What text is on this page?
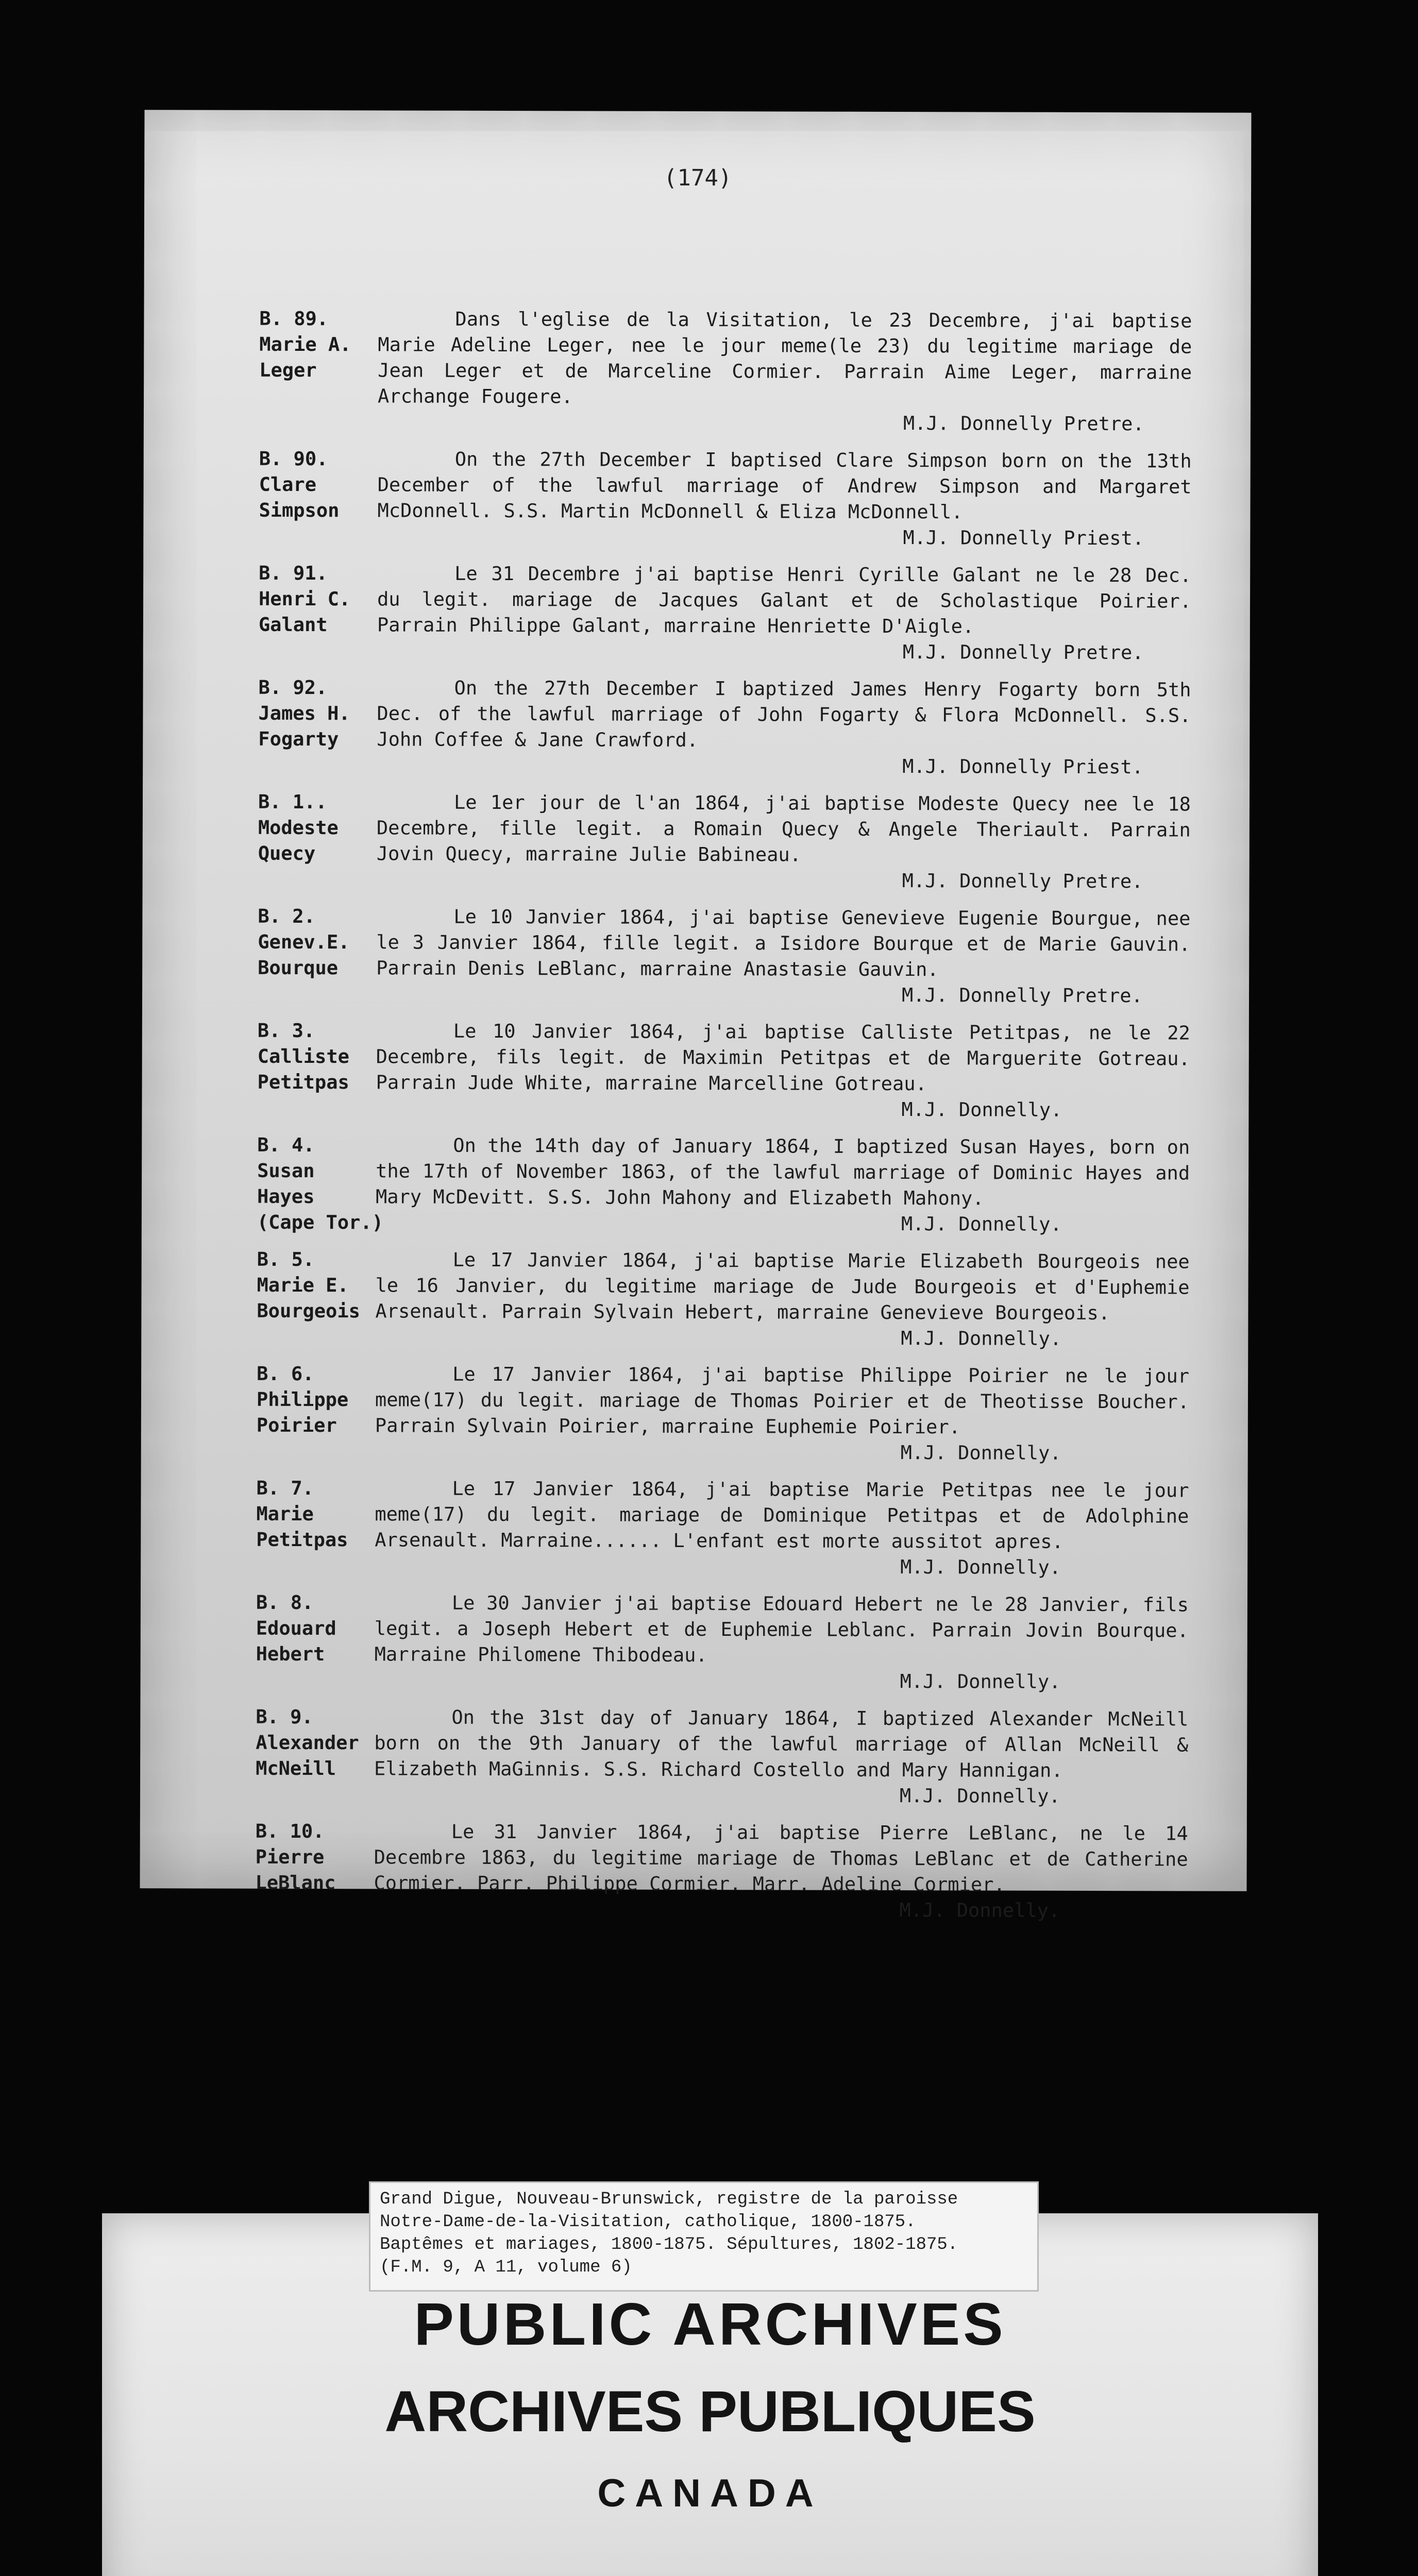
(174)
B. 89.
Marie A.
Leger
Dans l'eglise de la Visitation, le 23 Decembre, j'ai baptise Marie Adeline Leger, nee le jour meme(le 23) du legitime mariage de Jean Leger et de Marceline Cormier. Parrain Aime Leger, marraine Archange Fougere.
M.J. Donnelly Pretre.
B. 90.
Clare
Simpson
On the 27th December I baptised Clare Simpson born on the 13th December of the lawful marriage of Andrew Simpson and Margaret McDonnell. S.S. Martin McDonnell & Eliza McDonnell.
M.J. Donnelly Priest.
B. 91.
Henri C.
Galant
Le 31 Decembre j'ai baptise Henri Cyrille Galant ne le 28 Dec. du legit. mariage de Jacques Galant et de Scholastique Poirier. Parrain Philippe Galant, marraine Henriette D'Aigle.
M.J. Donnelly Pretre.
B. 92.
James H.
Fogarty
On the 27th December I baptized James Henry Fogarty born 5th Dec. of the lawful marriage of John Fogarty & Flora McDonnell. S.S. John Coffee & Jane Crawford.
M.J. Donnelly Priest.
B. 1..
Modeste
Quecy
Le 1er jour de l'an 1864, j'ai baptise Modeste Quecy nee le 18 Decembre, fille legit. a Romain Quecy & Angele Theriault. Parrain Jovin Quecy, marraine Julie Babineau.
M.J. Donnelly Pretre.
B. 2.
Genev.E.
Bourque
Le 10 Janvier 1864, j'ai baptise Genevieve Eugenie Bourgue, nee le 3 Janvier 1864, fille legit. a Isidore Bourque et de Marie Gauvin. Parrain Denis LeBlanc, marraine Anastasie Gauvin.
M.J. Donnelly Pretre.
B. 3.
Calliste
Petitpas
Le 10 Janvier 1864, j'ai baptise Calliste Petitpas, ne le 22 Decembre, fils legit. de Maximin Petitpas et de Marguerite Gotreau. Parrain Jude White, marraine Marcelline Gotreau.
M.J. Donnelly.
B. 4.
Susan
Hayes
(Cape Tor.)
On the 14th day of January 1864, I baptized Susan Hayes, born on the 17th of November 1863, of the lawful marriage of Dominic Hayes and Mary McDevitt. S.S. John Mahony and Elizabeth Mahony.
M.J. Donnelly.
B. 5.
Marie E.
Bourgeois
Le 17 Janvier 1864, j'ai baptise Marie Elizabeth Bourgeois nee le 16 Janvier, du legitime mariage de Jude Bourgeois et d'Euphemie Arsenault. Parrain Sylvain Hebert, marraine Genevieve Bourgeois.
M.J. Donnelly.
B. 6.
Philippe
Poirier
Le 17 Janvier 1864, j'ai baptise Philippe Poirier ne le jour meme(17) du legit. mariage de Thomas Poirier et de Theotisse Boucher. Parrain Sylvain Poirier, marraine Euphemie Poirier.
M.J. Donnelly.
B. 7.
Marie
Petitpas
Le 17 Janvier 1864, j'ai baptise Marie Petitpas nee le jour meme(17) du legit. mariage de Dominique Petitpas et de Adolphine Arsenault. Marraine...... L'enfant est morte aussitot apres.
M.J. Donnelly.
B. 8.
Edouard
Hebert
Le 30 Janvier j'ai baptise Edouard Hebert ne le 28 Janvier, fils legit. a Joseph Hebert et de Euphemie Leblanc. Parrain Jovin Bourque. Marraine Philomene Thibodeau.
M.J. Donnelly.
B. 9.
Alexander
McNeill
On the 31st day of January 1864, I baptized Alexander McNeill born on the 9th January of the lawful marriage of Allan McNeill & Elizabeth MaGinnis. S.S. Richard Costello and Mary Hannigan.
M.J. Donnelly.
B. 10.
Pierre
LeBlanc
Le 31 Janvier 1864, j'ai baptise Pierre LeBlanc, ne le 14 Decembre 1863, du legitime mariage de Thomas LeBlanc et de Catherine Cormier. Parr. Philippe Cormier. Marr. Adeline Cormier.
M.J. Donnelly.
Grand Digue, Nouveau-Brunswick, registre de la paroisse
Notre-Dame-de-la-Visitation, catholique, 1800-1875.
Baptêmes et mariages, 1800-1875. Sépultures, 1802-1875.
(F.M. 9, A 11, volume 6)
PUBLIC ARCHIVES
ARCHIVES PUBLIQUES
CANADA
